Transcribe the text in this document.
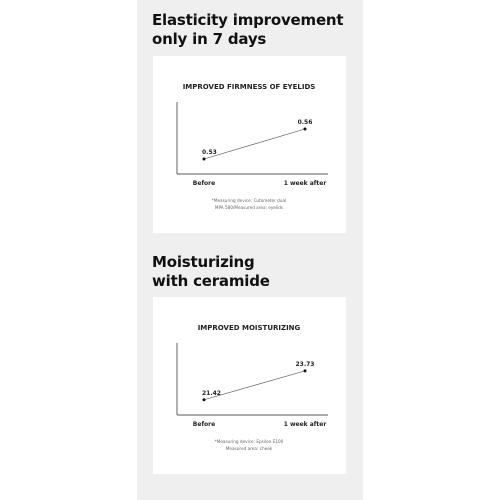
Elasticity improvement
only in 7 days
IMPROVED FIRMNESS OF EYELIDS
0.53
0.56
Before	1 week after
*Measuring device: Cutometer dual
MPA 580/Measured area: eyelids
Moisturizing
with ceramide
IMPROVED MOISTURIZING
21.42
23.73
Before	1 week after
*Measuring device: Epsilon E100
Measured area: cheek
